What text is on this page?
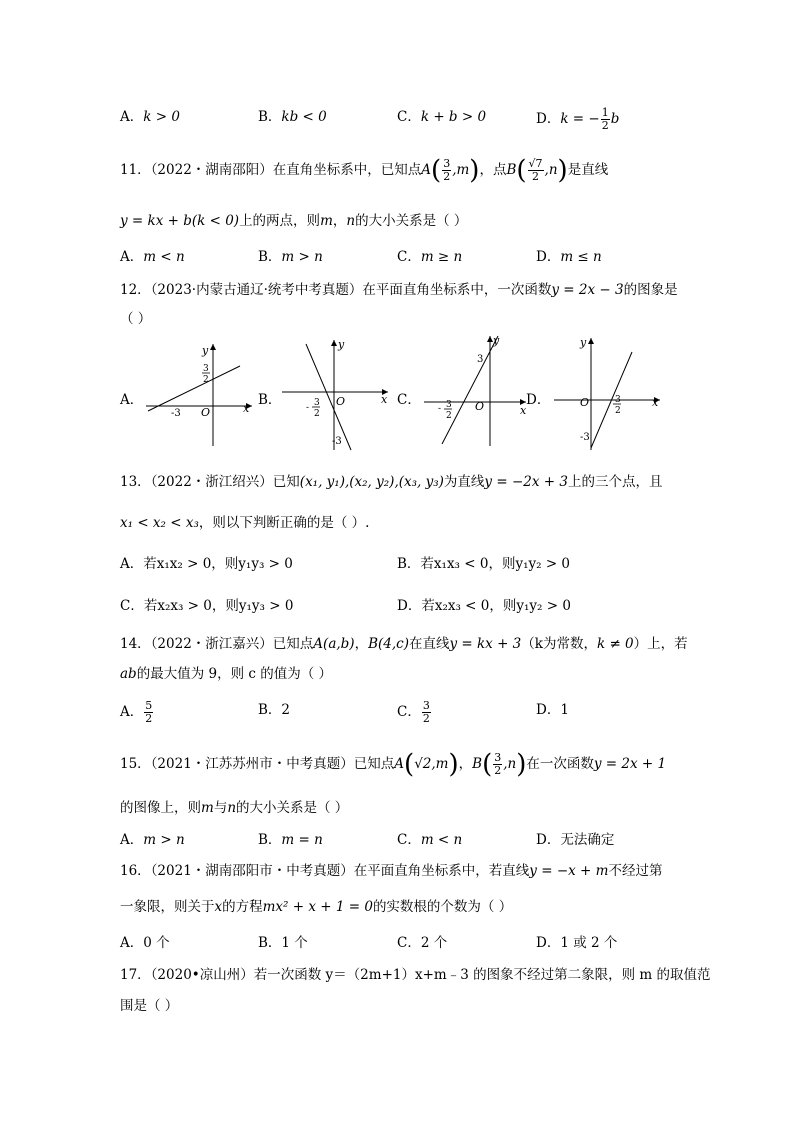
A．k > 0	B．kb < 0	C．k + b > 0	D．k = − $\frac{1}{2}$ b
11．（2022・湖南邵阳）在直角坐标系中，已知点$A( \frac{3}{2} ,m)$，点$B( \frac{√7}{2} ,n)$是直线
y = kx + b(k < 0)上的两点，则m，n的大小关系是（ ）
A．m < n	B．m > n	C．m ≥ n	D．m ≤ n
12．（2023·内蒙古通辽·统考中考真题）在平面直角坐标系中，一次函数y = 2x − 3的图象是
（ ）
A．	B．	C．	D．
x
y
O
-3
3
2
x
y
O
- 3
2
-3
x
y
O
3
- 3
2
x
y
O	3
2
-3
13．（2022・浙江绍兴）已知(x₁, y₁),(x₂, y₂),(x₃, y₃)为直线y = −2x + 3上的三个点，且
x₁ < x₂ < x₃，则以下判断正确的是（ ）.
A．若x₁x₂ > 0，则y₁y₃ > 0	B．若x₁x₃ < 0，则y₁y₂ > 0
C．若x₂x₃ > 0，则y₁y₃ > 0	D．若x₂x₃ < 0，则y₁y₂ > 0
14．（2022・浙江嘉兴）已知点A(a,b)，B(4,c)在直线y = kx + 3（k为常数，k ≠ 0）上，若
ab的最大值为 9，则 c 的值为（ ）
A． $\frac{5}{2}$	B．2	C． $\frac{3}{2}$	D．1
15．（2021・江苏苏州市・中考真题）已知点A(√2,m)，$B( \frac{3}{2} ,n)$在一次函数y = 2x + 1
的图像上，则m与n的大小关系是（ ）
A．m > n	B．m = n	C．m < n	D．无法确定
16．（2021・湖南邵阳市・中考真题）在平面直角坐标系中，若直线y = −x + m不经过第
一象限，则关于x的方程mx² + x + 1 = 0的实数根的个数为（ ）
A．0 个	B．1 个	C．2 个	D．1 或 2 个
17．（2020•凉山州）若一次函数 y＝（2m+1）x+m﹣3 的图象不经过第二象限，则 m 的取值范
围是（ ）
